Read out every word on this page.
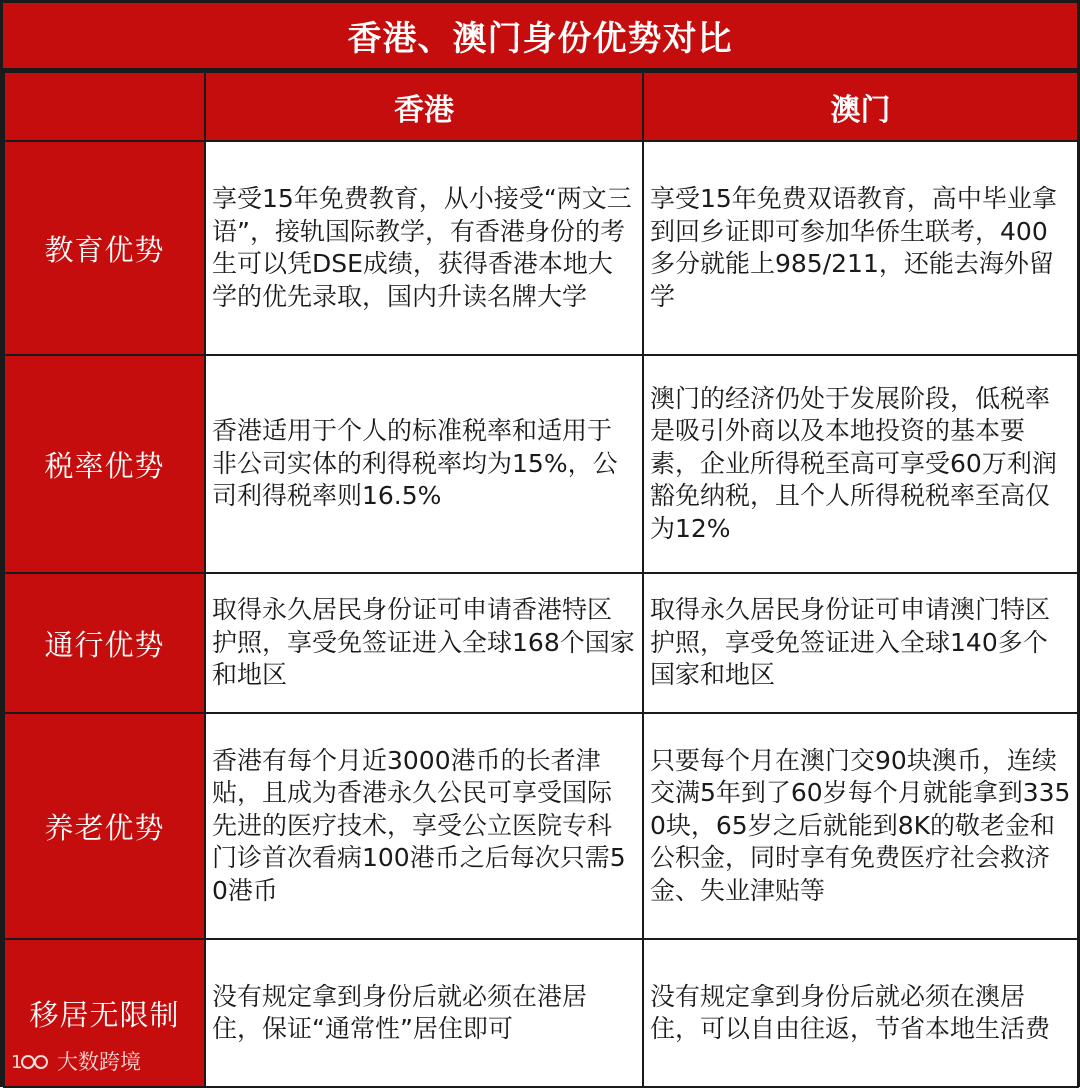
香港、澳门身份优势对比
	香港	澳门
教育优势	享受15年免费教育，从小接受“两文三语”，接轨国际教学，有香港身份的考生可以凭DSE成绩，获得香港本地大学的优先录取，国内升读名牌大学	享受15年免费双语教育，高中毕业拿到回乡证即可参加华侨生联考，400多分就能上985/211，还能去海外留学
税率优势	香港适用于个人的标准税率和适用于非公司实体的利得税率均为15%，公司利得税率则16.5%	澳门的经济仍处于发展阶段，低税率是吸引外商以及本地投资的基本要素，企业所得税至高可享受60万利润豁免纳税，且个人所得税税率至高仅为12%
通行优势	取得永久居民身份证可申请香港特区护照，享受免签证进入全球168个国家和地区	取得永久居民身份证可申请澳门特区护照，享受免签证进入全球140多个国家和地区
养老优势	香港有每个月近3000港币的长者津贴，且成为香港永久公民可享受国际先进的医疗技术，享受公立医院专科门诊首次看病100港币之后每次只需50港币	只要每个月在澳门交90块澳币，连续交满5年到了60岁每个月就能拿到3350块，65岁之后就能到8K的敬老金和公积金，同时享有免费医疗社会救济金、失业津贴等
移居无限制	没有规定拿到身份后就必须在港居住，保证“通常性”居住即可	没有规定拿到身份后就必须在澳居住，可以自由往返，节省本地生活费
1 大数跨境
